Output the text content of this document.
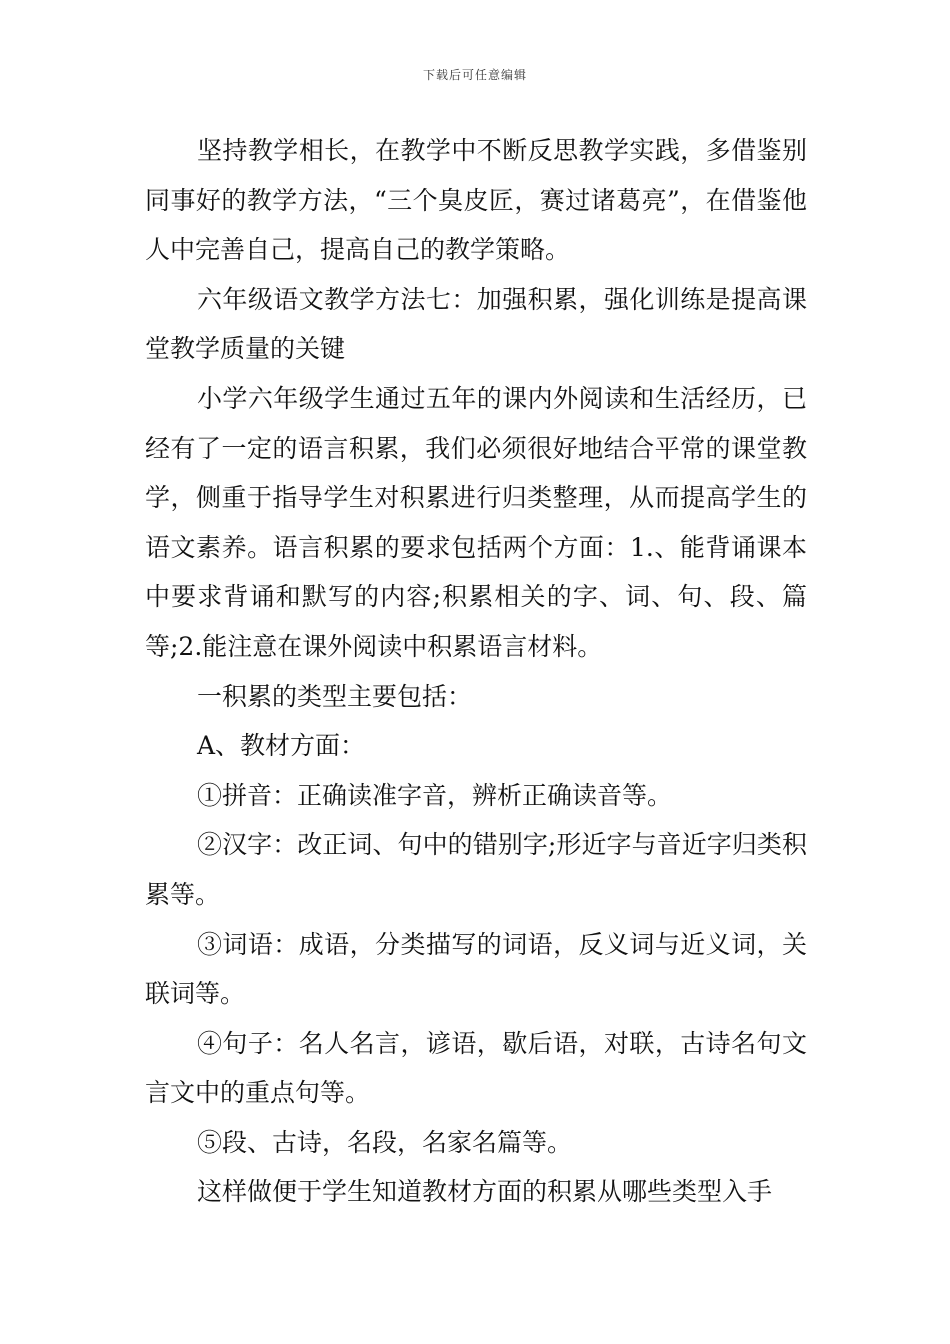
下载后可任意编辑

坚持教学相长，在教学中不断反思教学实践，多借鉴别同事好的教学方法，“三个臭皮匠，赛过诸葛亮”，在借鉴他人中完善自己，提高自己的教学策略。

六年级语文教学方法七：加强积累，强化训练是提高课堂教学质量的关键

小学六年级学生通过五年的课内外阅读和生活经历，已经有了一定的语言积累，我们必须很好地结合平常的课堂教学，侧重于指导学生对积累进行归类整理，从而提高学生的语文素养。语言积累的要求包括两个方面：1.、能背诵课本中要求背诵和默写的内容;积累相关的字、词、句、段、篇等;2.能注意在课外阅读中积累语言材料。

一积累的类型主要包括：

A、教材方面：

①拼音：正确读准字音，辨析正确读音等。

②汉字：改正词、句中的错别字;形近字与音近字归类积累等。

③词语：成语，分类描写的词语，反义词与近义词，关联词等。

④句子：名人名言，谚语，歇后语，对联，古诗名句文言文中的重点句等。

⑤段、古诗，名段，名家名篇等。

这样做便于学生知道教材方面的积累从哪些类型入手
